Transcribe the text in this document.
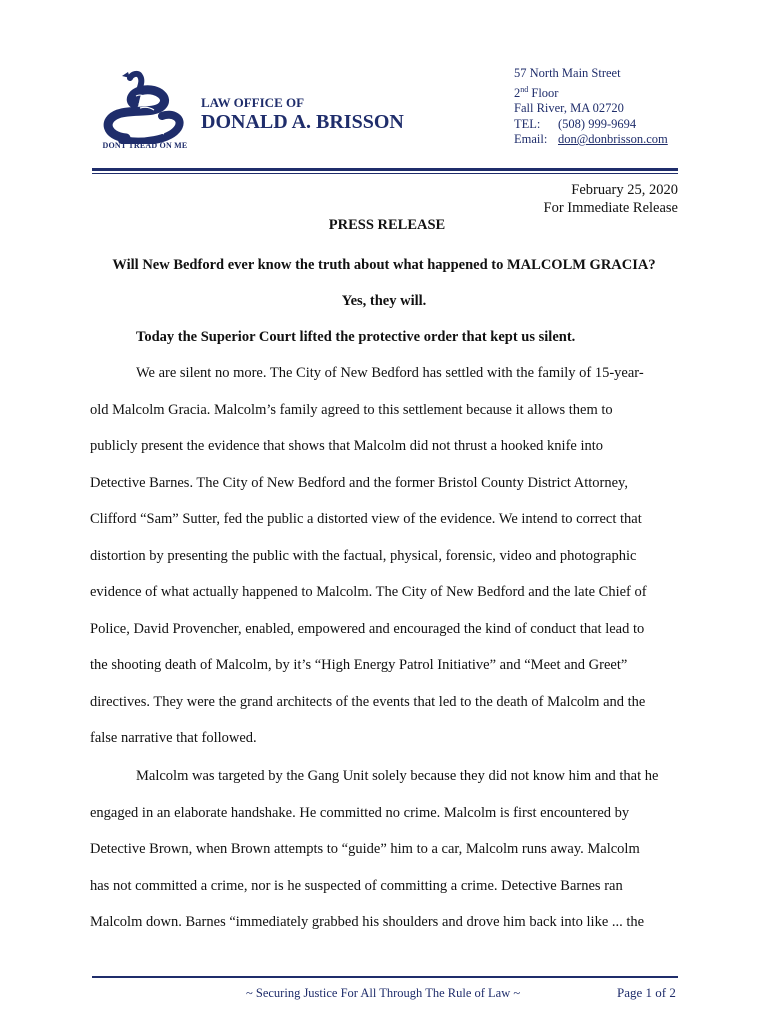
DONT TREAD ON ME
LAW OFFICE OF
DONALD A. BRISSON
57 North Main Street
2nd Floor
Fall River, MA 02720
TEL: (508) 999-9694
Email: don@donbrisson.com
February 25, 2020
For Immediate Release
PRESS RELEASE
Will New Bedford ever know the truth about what happened to MALCOLM GRACIA?
Yes, they will.
Today the Superior Court lifted the protective order that kept us silent.
We are silent no more. The City of New Bedford has settled with the family of 15-year-
old Malcolm Gracia. Malcolm’s family agreed to this settlement because it allows them to
publicly present the evidence that shows that Malcolm did not thrust a hooked knife into
Detective Barnes. The City of New Bedford and the former Bristol County District Attorney,
Clifford “Sam” Sutter, fed the public a distorted view of the evidence. We intend to correct that
distortion by presenting the public with the factual, physical, forensic, video and photographic
evidence of what actually happened to Malcolm. The City of New Bedford and the late Chief of
Police, David Provencher, enabled, empowered and encouraged the kind of conduct that lead to
the shooting death of Malcolm, by it’s “High Energy Patrol Initiative” and “Meet and Greet”
directives. They were the grand architects of the events that led to the death of Malcolm and the
false narrative that followed.
Malcolm was targeted by the Gang Unit solely because they did not know him and that he
engaged in an elaborate handshake. He committed no crime. Malcolm is first encountered by
Detective Brown, when Brown attempts to “guide” him to a car, Malcolm runs away. Malcolm
has not committed a crime, nor is he suspected of committing a crime. Detective Barnes ran
Malcolm down. Barnes “immediately grabbed his shoulders and drove him back into like ... the
~ Securing Justice For All Through The Rule of Law ~	Page 1 of 2
